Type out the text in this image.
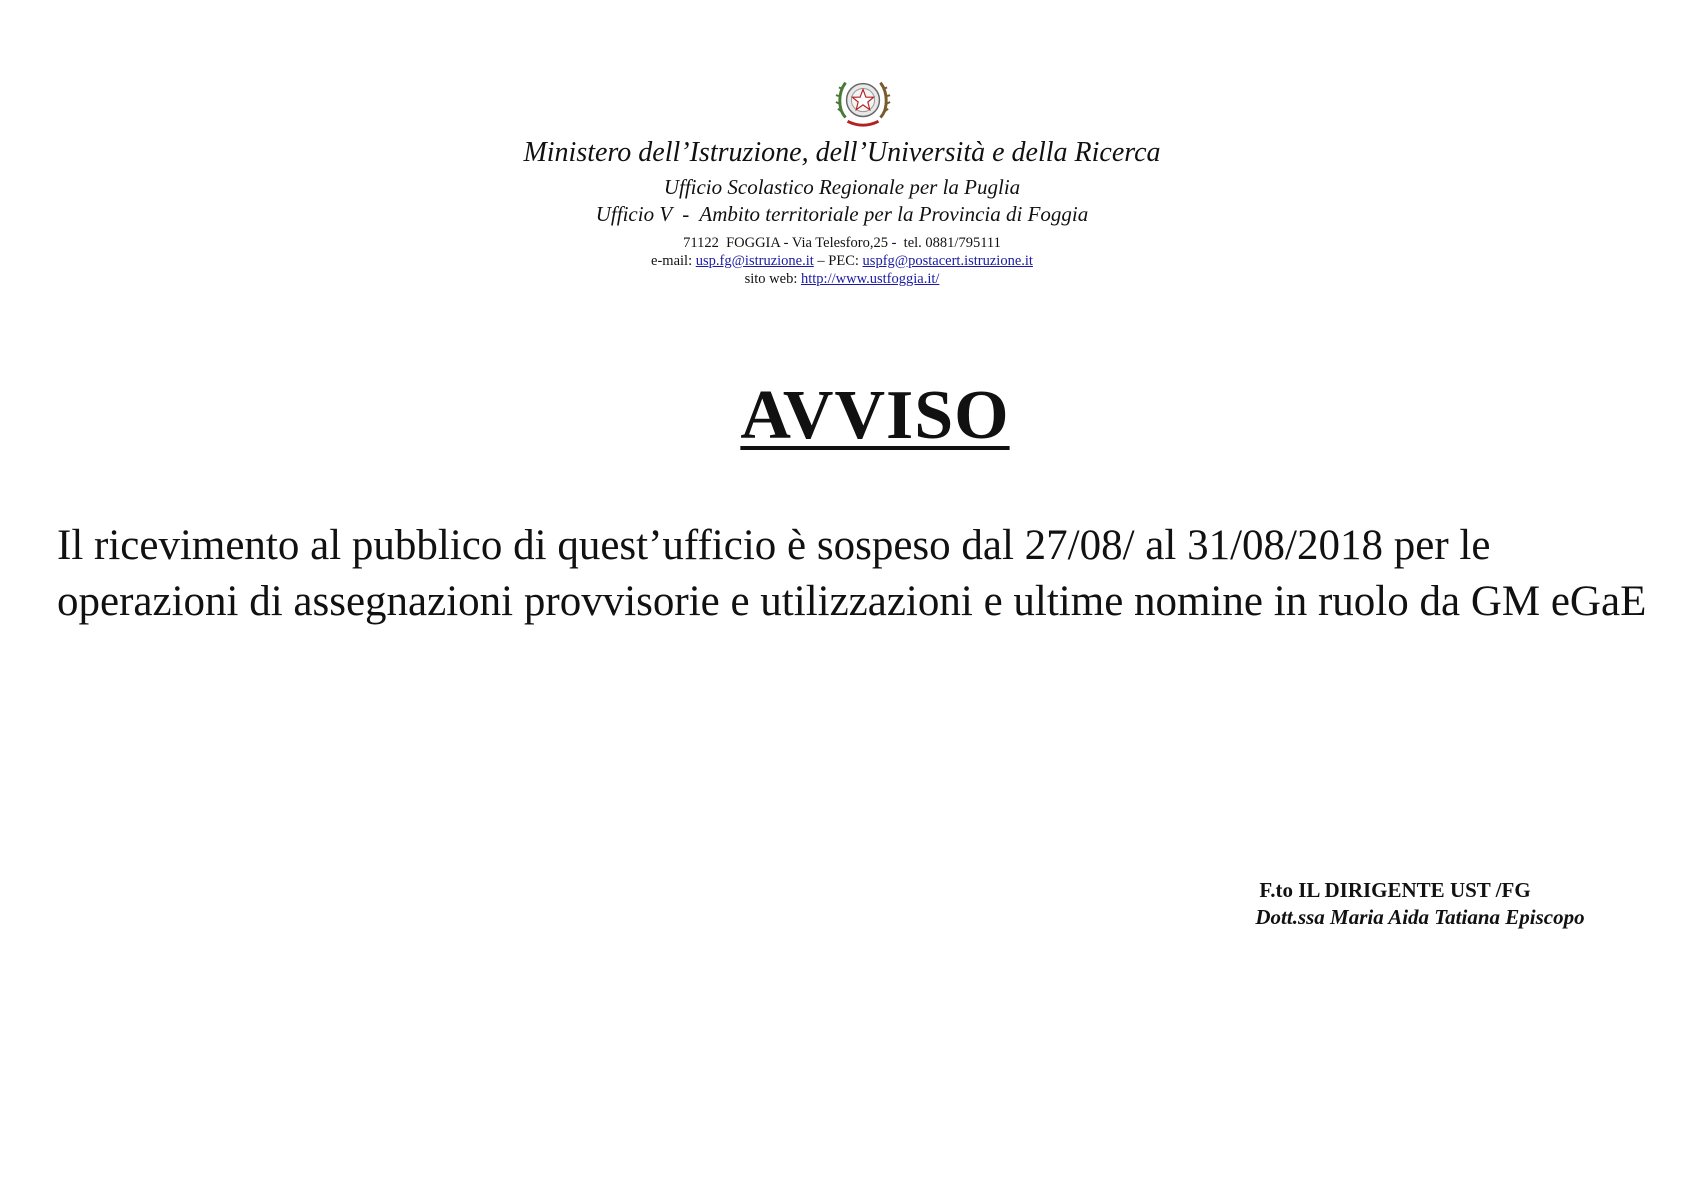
Ministero dell’Istruzione, dell’Università e della Ricerca
Ufficio Scolastico Regionale per la Puglia
Ufficio V  -  Ambito territoriale per la Provincia di Foggia
71122  FOGGIA - Via Telesforo,25 -  tel. 0881/795111
e-mail: usp.fg@istruzione.it – PEC: uspfg@postacert.istruzione.it
sito web: http://www.ustfoggia.it/
AVVISO
Il ricevimento al pubblico di quest’ufficio è sospeso dal 27/08/ al 31/08/2018 per le operazioni di assegnazioni provvisorie e utilizzazioni e ultime nomine in ruolo da GM eGaE
F.to IL DIRIGENTE UST /FG
Dott.ssa Maria Aida Tatiana Episcopo
